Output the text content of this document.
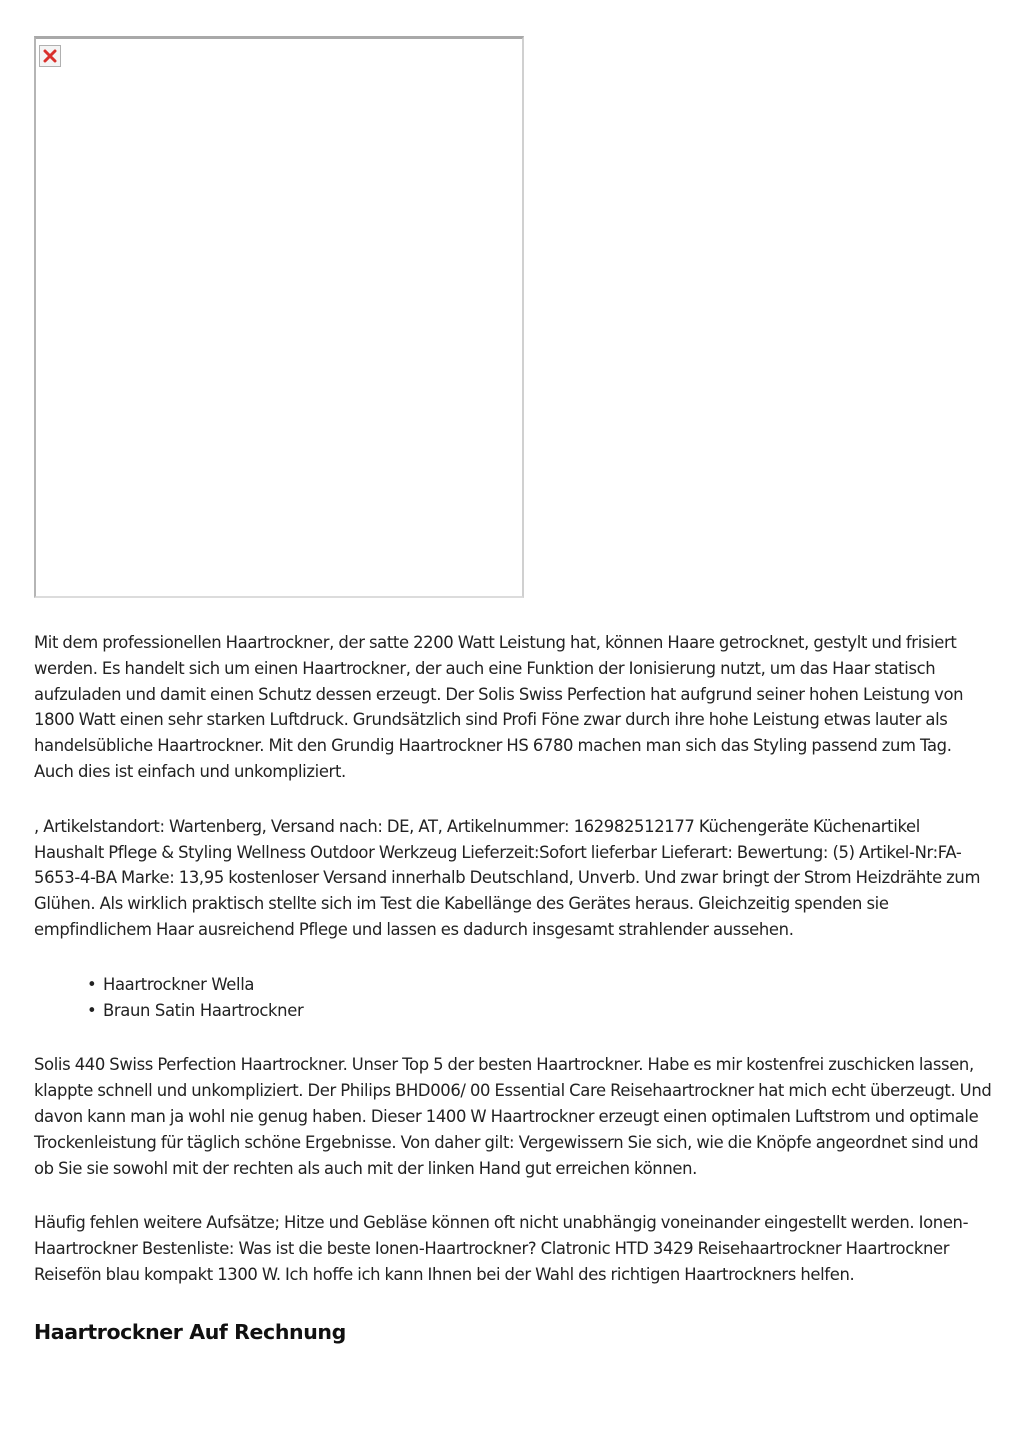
Mit dem professionellen Haartrockner, der satte 2200 Watt Leistung hat, können Haare getrocknet, gestylt und frisiert werden. Es handelt sich um einen Haartrockner, der auch eine Funktion der Ionisierung nutzt, um das Haar statisch aufzuladen und damit einen Schutz dessen erzeugt. Der Solis Swiss Perfection hat aufgrund seiner hohen Leistung von 1800 Watt einen sehr starken Luftdruck. Grundsätzlich sind Profi Föne zwar durch ihre hohe Leistung etwas lauter als handelsübliche Haartrockner. Mit den Grundig Haartrockner HS 6780 machen man sich das Styling passend zum Tag. Auch dies ist einfach und unkompliziert.

, Artikelstandort: Wartenberg, Versand nach: DE, AT, Artikelnummer: 162982512177 Küchengeräte Küchenartikel Haushalt Pflege & Styling Wellness Outdoor Werkzeug Lieferzeit:Sofort lieferbar Lieferart: Bewertung: (5) Artikel-Nr:FA-5653-4-BA Marke: 13,95 kostenloser Versand innerhalb Deutschland, Unverb. Und zwar bringt der Strom Heizdrähte zum Glühen. Als wirklich praktisch stellte sich im Test die Kabellänge des Gerätes heraus. Gleichzeitig spenden sie empfindlichem Haar ausreichend Pflege und lassen es dadurch insgesamt strahlender aussehen.

• Haartrockner Wella
• Braun Satin Haartrockner

Solis 440 Swiss Perfection Haartrockner. Unser Top 5 der besten Haartrockner. Habe es mir kostenfrei zuschicken lassen, klappte schnell und unkompliziert. Der Philips BHD006/ 00 Essential Care Reisehaartrockner hat mich echt überzeugt. Und davon kann man ja wohl nie genug haben. Dieser 1400 W Haartrockner erzeugt einen optimalen Luftstrom und optimale Trockenleistung für täglich schöne Ergebnisse. Von daher gilt: Vergewissern Sie sich, wie die Knöpfe angeordnet sind und ob Sie sie sowohl mit der rechten als auch mit der linken Hand gut erreichen können.

Häufig fehlen weitere Aufsätze; Hitze und Gebläse können oft nicht unabhängig voneinander eingestellt werden. Ionen-Haartrockner Bestenliste: Was ist die beste Ionen-Haartrockner? Clatronic HTD 3429 Reisehaartrockner Haartrockner Reisefön blau kompakt 1300 W. Ich hoffe ich kann Ihnen bei der Wahl des richtigen Haartrockners helfen.

Haartrockner Auf Rechnung
